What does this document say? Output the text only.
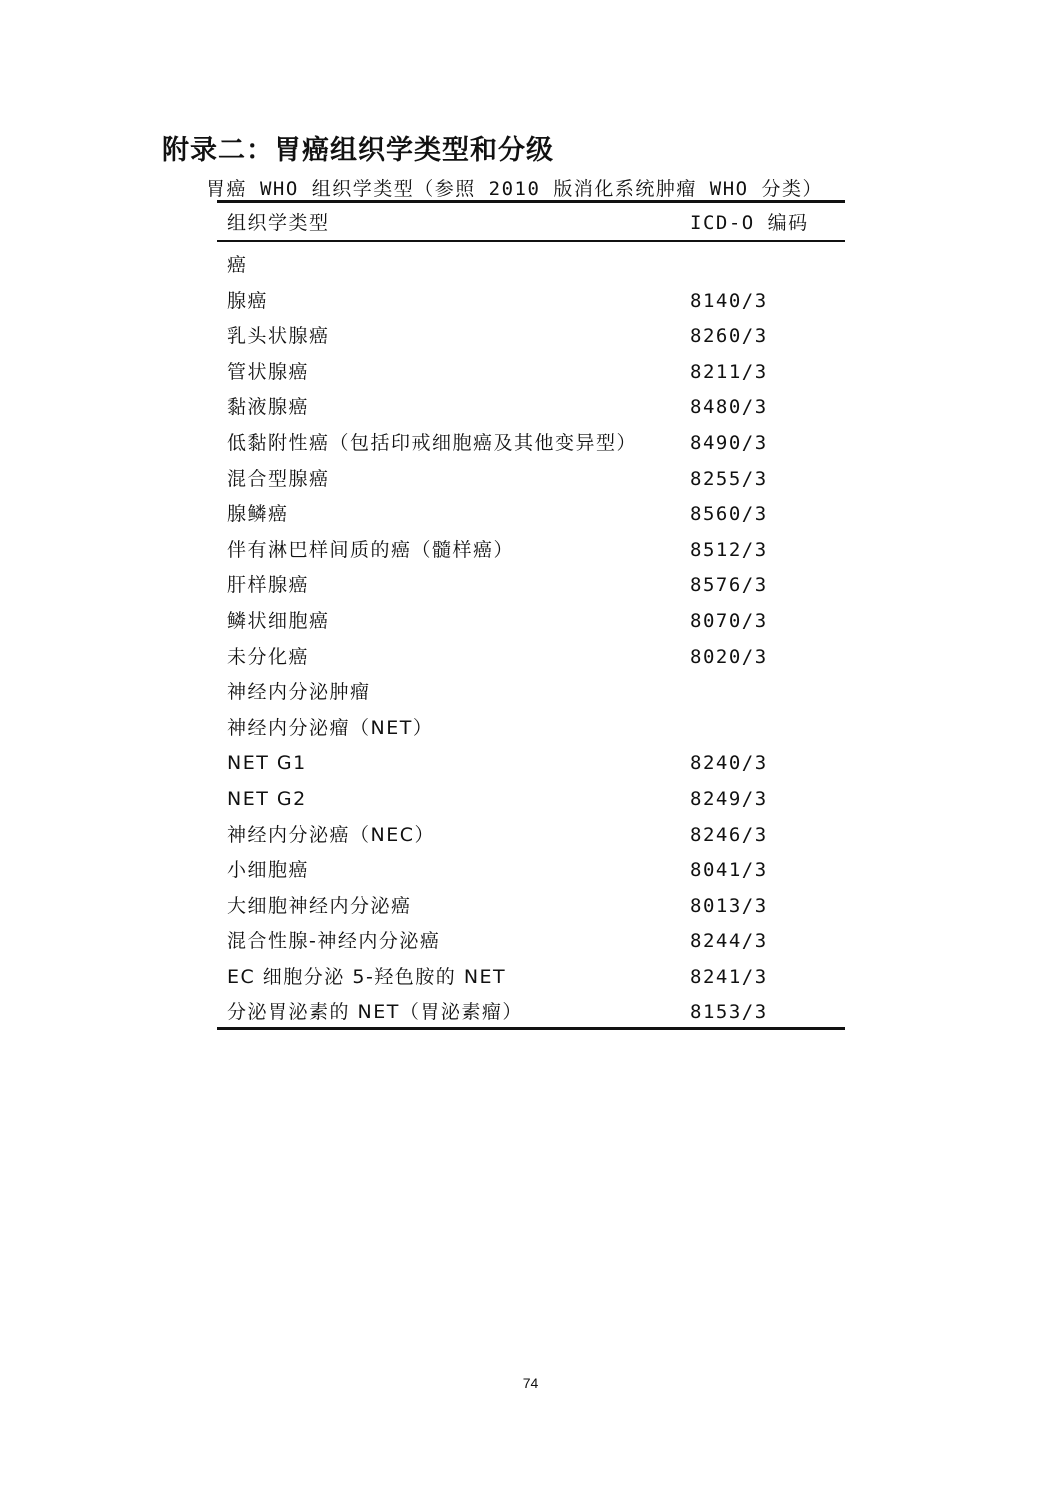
附录二：胃癌组织学类型和分级
胃癌 WHO 组织学类型（参照 2010 版消化系统肿瘤 WHO 分类）
组织学类型	ICD-O 编码
癌
腺癌	8140/3
乳头状腺癌	8260/3
管状腺癌	8211/3
黏液腺癌	8480/3
低黏附性癌（包括印戒细胞癌及其他变异型）	8490/3
混合型腺癌	8255/3
腺鳞癌	8560/3
伴有淋巴样间质的癌（髓样癌）	8512/3
肝样腺癌	8576/3
鳞状细胞癌	8070/3
未分化癌	8020/3
神经内分泌肿瘤
神经内分泌瘤（NET）
NET G1	8240/3
NET G2	8249/3
神经内分泌癌（NEC）	8246/3
小细胞癌	8041/3
大细胞神经内分泌癌	8013/3
混合性腺-神经内分泌癌	8244/3
EC 细胞分泌 5-羟色胺的 NET	8241/3
分泌胃泌素的 NET（胃泌素瘤）	8153/3
74
